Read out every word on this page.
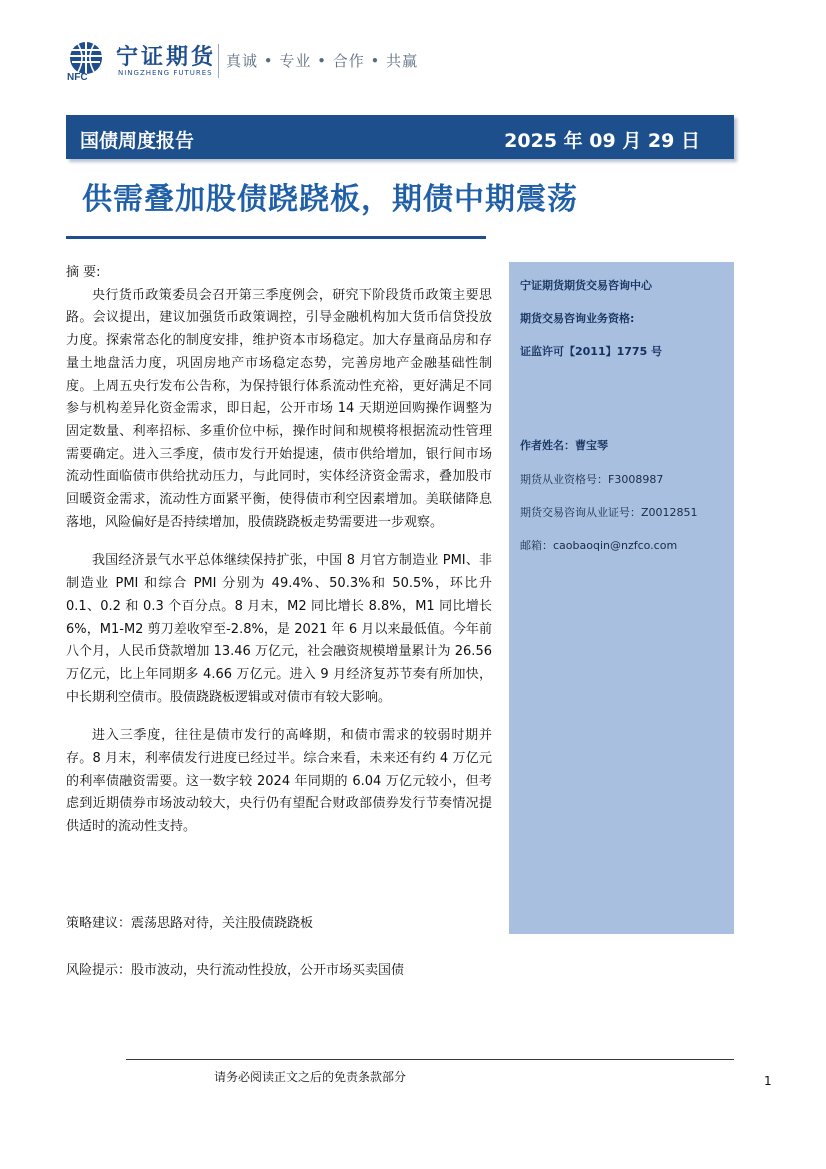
NFC
宁证期货
NINGZHENG FUTURES
真诚 • 专业 • 合作 • 共赢
国债周度报告	2025 年 09 月 29 日
供需叠加股债跷跷板，期债中期震荡

摘 要:

央行货币政策委员会召开第三季度例会，研究下阶段货币政策主要思路。会议提出，建议加强货币政策调控，引导金融机构加大货币信贷投放力度。探索常态化的制度安排，维护资本市场稳定。加大存量商品房和存量土地盘活力度，巩固房地产市场稳定态势，完善房地产金融基础性制度。上周五央行发布公告称，为保持银行体系流动性充裕，更好满足不同参与机构差异化资金需求，即日起，公开市场 14 天期逆回购操作调整为固定数量、利率招标、多重价位中标，操作时间和规模将根据流动性管理需要确定。进入三季度，债市发行开始提速，债市供给增加，银行间市场流动性面临债市供给扰动压力，与此同时，实体经济资金需求，叠加股市回暖资金需求，流动性方面紧平衡，使得债市利空因素增加。美联储降息落地，风险偏好是否持续增加，股债跷跷板走势需要进一步观察。

我国经济景气水平总体继续保持扩张，中国 8 月官方制造业 PMI、非制造业 PMI 和综合 PMI 分别为 49.4%、50.3%和 50.5%，环比升 0.1、0.2 和 0.3 个百分点。8 月末，M2 同比增长 8.8%，M1 同比增长 6%，M1-M2 剪刀差收窄至-2.8%，是 2021 年 6 月以来最低值。今年前八个月，人民币贷款增加 13.46 万亿元，社会融资规模增量累计为 26.56 万亿元，比上年同期多 4.66 万亿元。进入 9 月经济复苏节奏有所加快，中长期利空债市。股债跷跷板逻辑或对债市有较大影响。

进入三季度，往往是债市发行的高峰期，和债市需求的较弱时期并存。8 月末，利率债发行进度已经过半。综合来看，未来还有约 4 万亿元的利率债融资需要。这一数字较 2024 年同期的 6.04 万亿元较小，但考虑到近期债券市场波动较大，央行仍有望配合财政部债券发行节奏情况提供适时的流动性支持。

策略建议：震荡思路对待，关注股债跷跷板
风险提示：股市波动，央行流动性投放，公开市场买卖国债
宁证期货期货交易咨询中心
期货交易咨询业务资格:
证监许可【2011】1775 号
作者姓名：曹宝琴
期货从业资格号：F3008987
期货交易咨询从业证号：Z0012851
邮箱：caobaoqin@nzfco.com
请务必阅读正文之后的免责条款部分	1
